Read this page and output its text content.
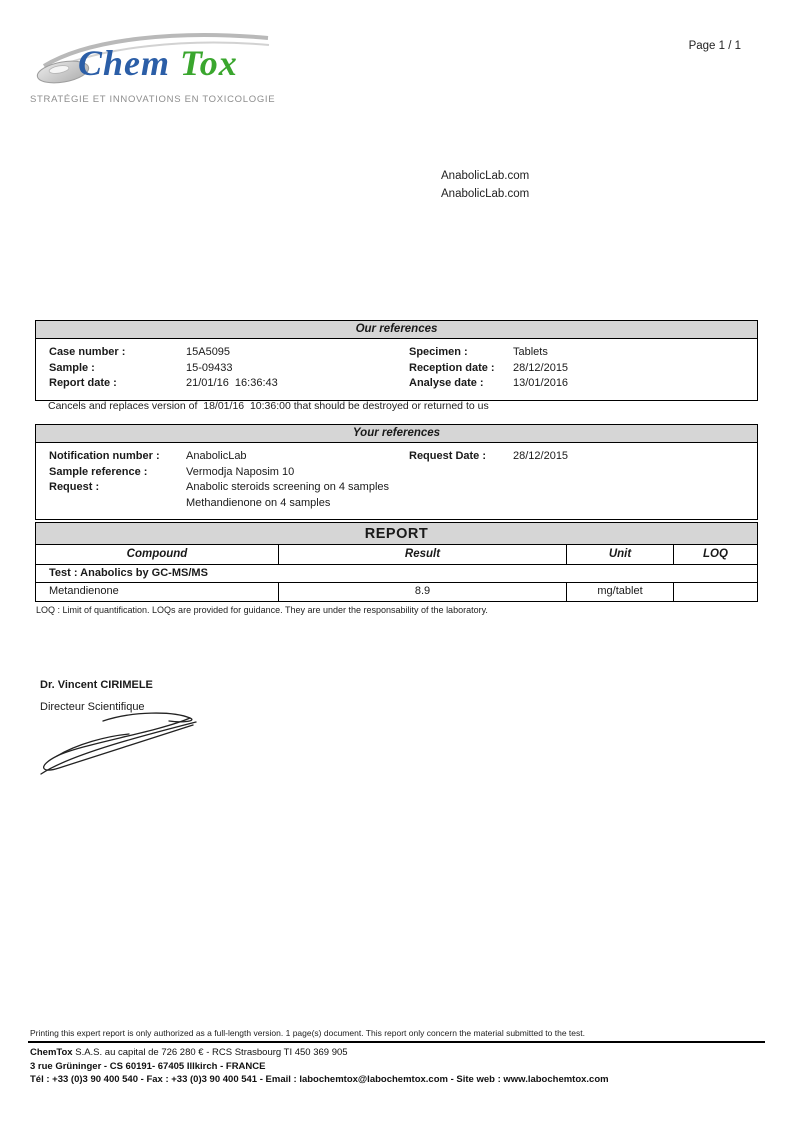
Chem Tox
STRATÉGIE ET INNOVATIONS EN TOXICOLOGIE
Page 1 / 1
AnabolicLab.com
AnabolicLab.com
Our references
Case number :	15A5095	Specimen :	Tablets
Sample :	15-09433	Reception date :	28/12/2015
Report date :	21/01/16  16:36:43	Analyse date :	13/01/2016
Cancels and replaces version of  18/01/16  10:36:00 that should be destroyed or returned to us
Your references
Notification number :	AnabolicLab	Request Date :	28/12/2015
Sample reference :	Vermodja Naposim 10
Request :	Anabolic steroids screening on 4 samples
Methandienone on 4 samples
REPORT
Compound	Result	Unit	LOQ
Test : Anabolics by GC-MS/MS
Metandienone	8.9	mg/tablet
LOQ : Limit of quantification. LOQs are provided for guidance. They are under the responsability of the laboratory.
Dr. Vincent CIRIMELE
Directeur Scientifique
Printing this expert report is only authorized as a full-length version. 1 page(s) document. This report only concern the material submitted to the test.
ChemTox S.A.S. au capital de 726 280 € - RCS Strasbourg TI 450 369 905
3 rue Grüninger - CS 60191- 67405 Illkirch - FRANCE
Tél : +33 (0)3 90 400 540 - Fax : +33 (0)3 90 400 541 - Email : labochemtox@labochemtox.com - Site web : www.labochemtox.com
